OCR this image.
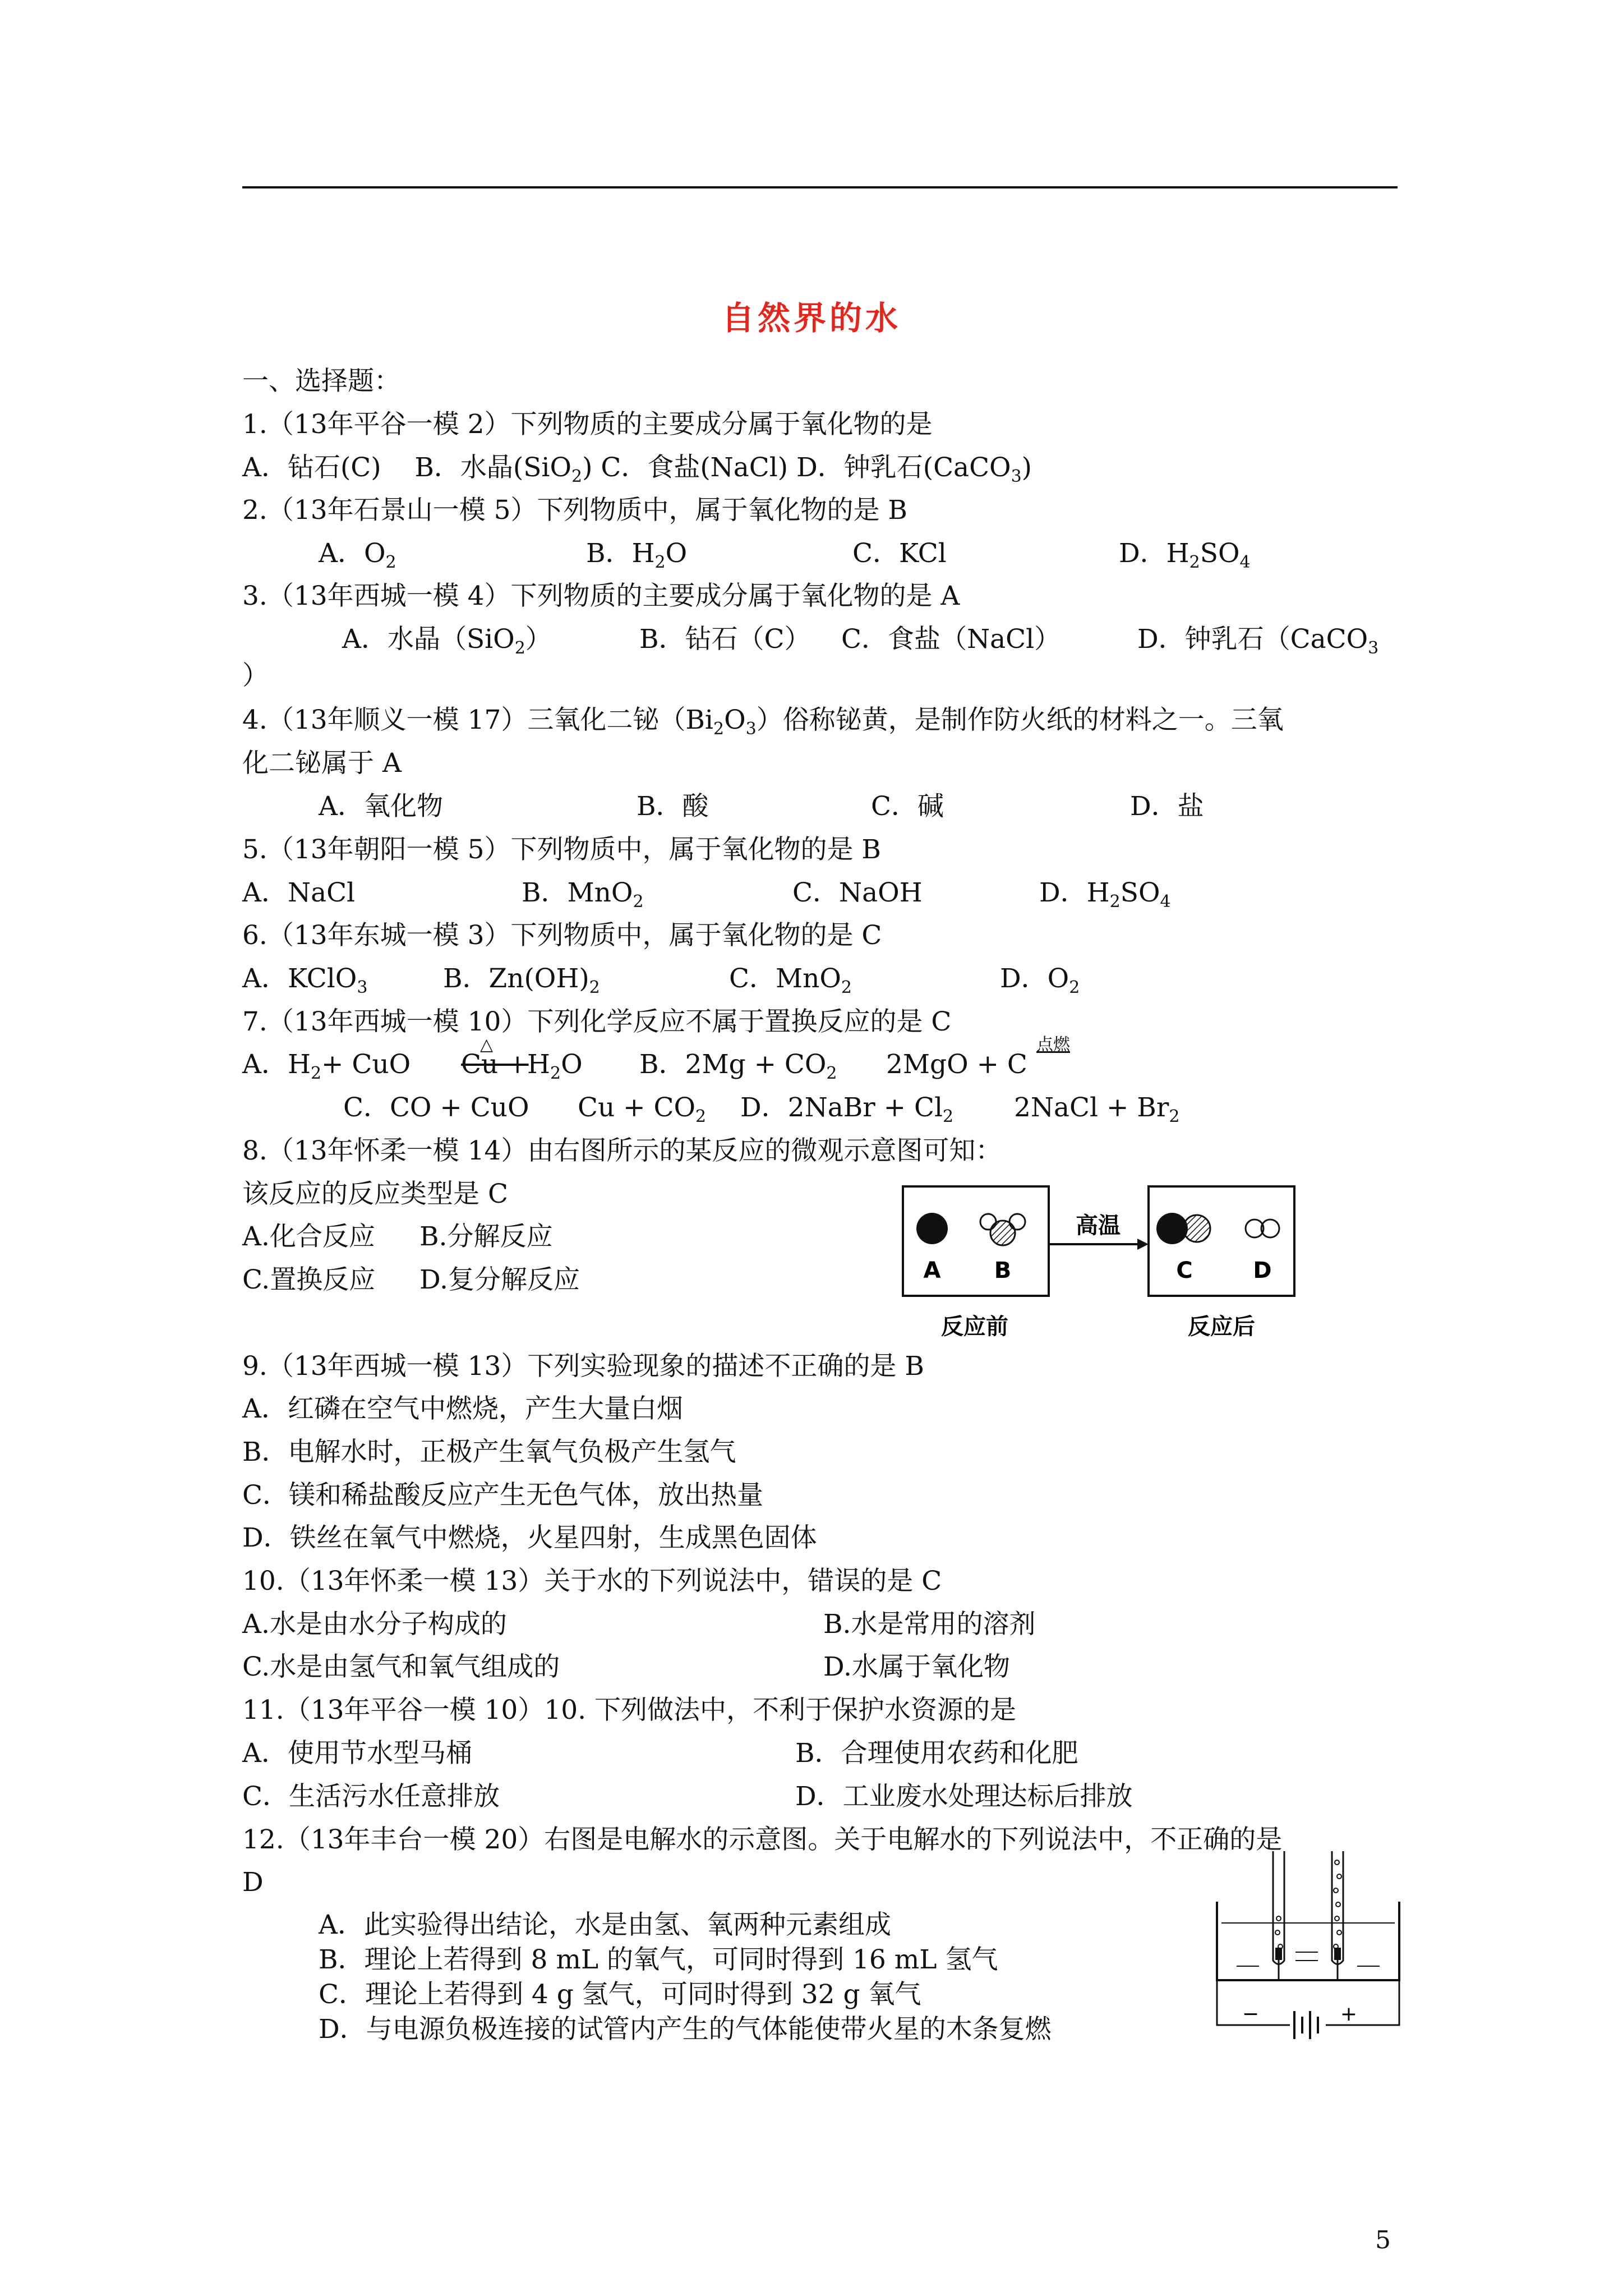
自然界的水
一、选择题：
1.（13年平谷一模 2）下列物质的主要成分属于氧化物的是
A．钻石(C) B．水晶(SiO$_2$) C．食盐(NaCl) D．钟乳石(CaCO$_3$)
2.（13年石景山一模 5）下列物质中，属于氧化物的是 B
A．$O_2$	B．$H_2O$	C．KCl	D．$H_2SO_4$
3.（13年西城一模 4）下列物质的主要成分属于氧化物的是 A
A．水晶（SiO$_2$）	B．钻石（C） C．食盐（NaCl）	D．钟乳石（CaCO$_3$
）
4.（13年顺义一模 17）三氧化二铋$(Bi_2O_3)$俗称铋黄，是制作防火纸的材料之一。三氧
化二铋属于 A
A．氧化物	B．酸	C．碱	D．盐
5.（13年朝阳一模 5）下列物质中，属于氧化物的是 B
A．NaCl	B．MnO$_2$	C．NaOH	D．$H_2SO_4$
6.（13年东城一模 3）下列物质中，属于氧化物的是 C
A．KClO$_3$	B．$Zn(OH)_2$	C．MnO$_2$	D．$O_2$
7.（13年西城一模 10）下列化学反应不属于置换反应的是 C
A．$H_2+$ CuO Cu +
△
$H_2O$ B．$2Mg + CO_2$ 2MgO + C
点燃
C．CO + CuO $Cu + CO_2$ D．2NaBr + $Cl_2$ 2NaCl + $Br_2$
8.（13年怀柔一模 14）由右图所示的某反应的微观示意图可知：
该反应的反应类型是 C
A.化合反应 B.分解反应
C.置换反应 D.复分解反应
高温
A B	C	D
反应前	反应后
9.（13年西城一模 13）下列实验现象的描述不正确的是 B
A．红磷在空气中燃烧，产生大量白烟
B．电解水时，正极产生氧气负极产生氢气
C．镁和稀盐酸反应产生无色气体，放出热量
D．铁丝在氧气中燃烧，火星四射，生成黑色固体
10.（13年怀柔一模 13）关于水的下列说法中，错误的是 C
A.水是由水分子构成的	B.水是常用的溶剂
C.水是由氢气和氧气组成的	D.水属于氧化物
11.（13年平谷一模 10）10. 下列做法中，不利于保护水资源的是
A．使用节水型马桶	B．合理使用农药和化肥
C．生活污水任意排放	D．工业废水处理达标后排放
12.（13年丰台一模 20）右图是电解水的示意图。关于电解水的下列说法中，不正确的是
D
A．此实验得出结论，水是由氢、氧两种元素组成
B．理论上若得到 8 mL 的氧气，可同时得到 16 mL 氢气
C．理论上若得到 4 g 氢气，可同时得到 32 g 氧气
D．与电源负极连接的试管内产生的气体能使带火星的木条复燃	−	+
5
